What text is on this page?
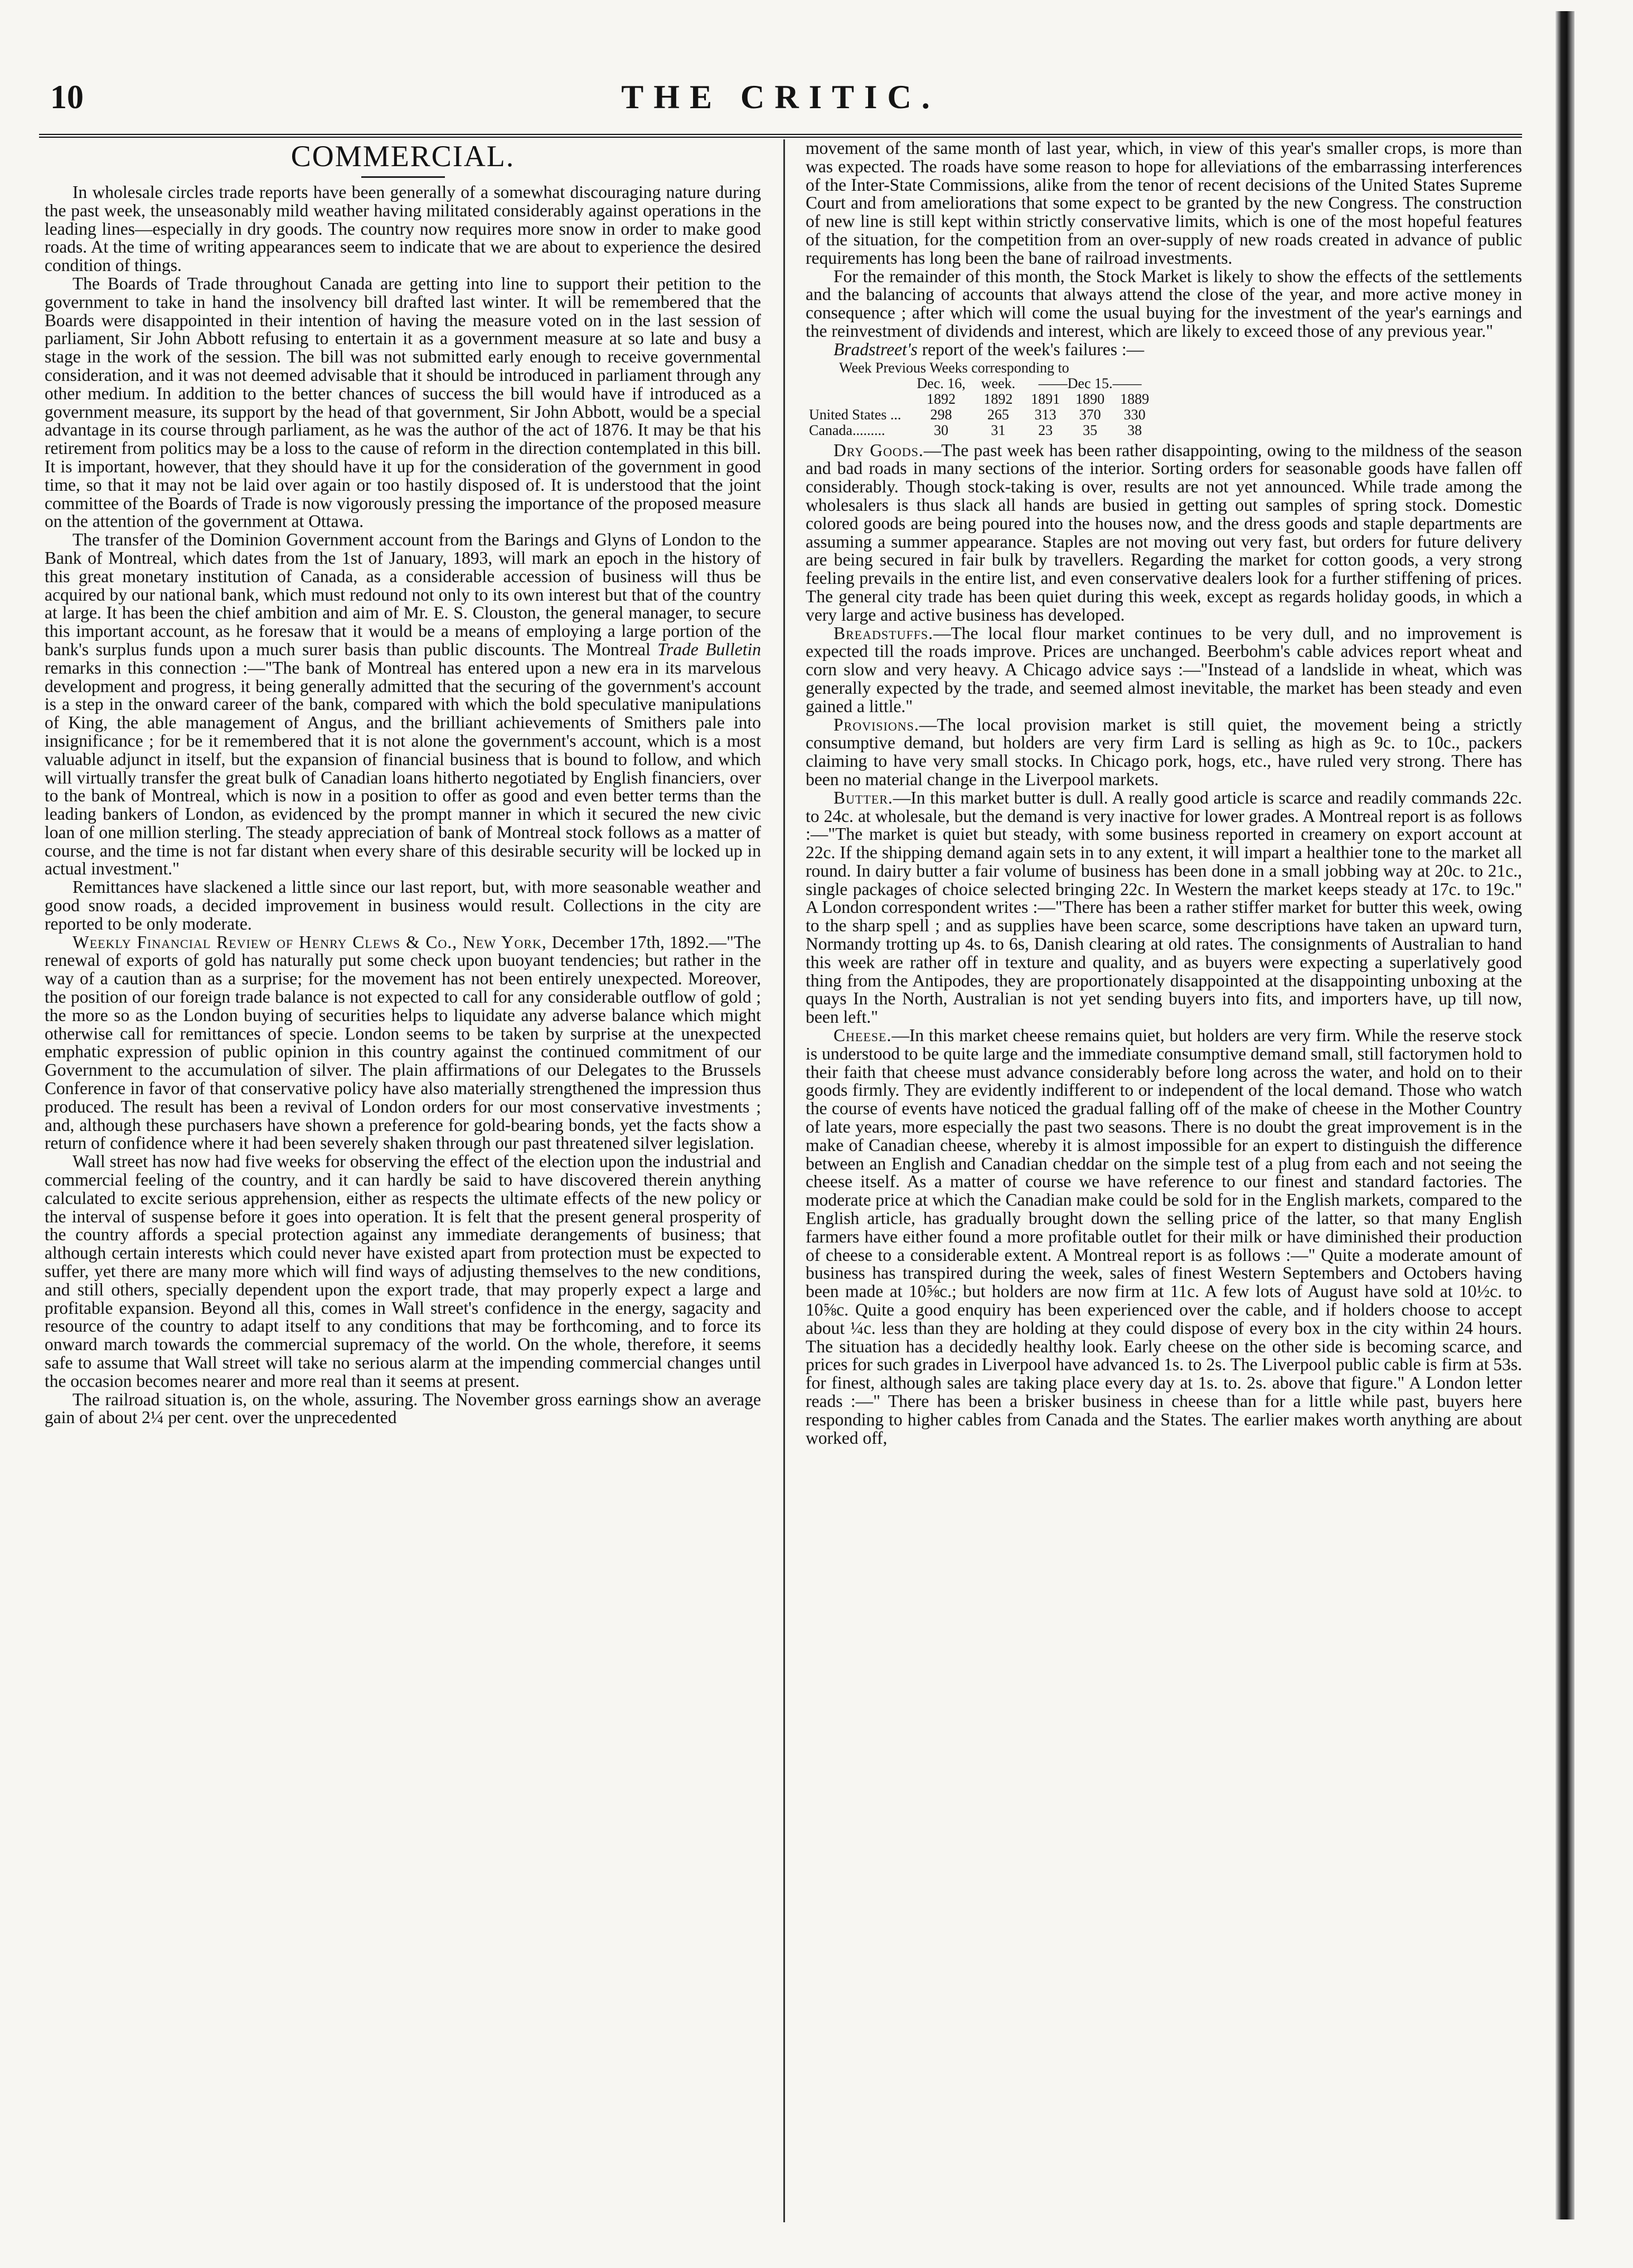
10	THE CRITIC.
COMMERCIAL.

In wholesale circles trade reports have been generally of a somewhat discouraging nature during the past week, the unseasonably mild weather having militated considerably against operations in the leading lines—especially in dry goods. The country now requires more snow in order to make good roads. At the time of writing appearances seem to indicate that we are about to experience the desired condition of things.

The Boards of Trade throughout Canada are getting into line to support their petition to the government to take in hand the insolvency bill drafted last winter. It will be remembered that the Boards were disappointed in their intention of having the measure voted on in the last session of parliament, Sir John Abbott refusing to entertain it as a government measure at so late and busy a stage in the work of the session. The bill was not submitted early enough to receive governmental consideration, and it was not deemed advisable that it should be introduced in parliament through any other medium. In addition to the better chances of success the bill would have if introduced as a government measure, its support by the head of that government, Sir John Abbott, would be a special advantage in its course through parliament, as he was the author of the act of 1876. It may be that his retirement from politics may be a loss to the cause of reform in the direction contemplated in this bill. It is important, however, that they should have it up for the consideration of the government in good time, so that it may not be laid over again or too hastily disposed of. It is understood that the joint committee of the Boards of Trade is now vigorously pressing the importance of the proposed measure on the attention of the government at Ottawa.

The transfer of the Dominion Government account from the Barings and Glyns of London to the Bank of Montreal, which dates from the 1st of January, 1893, will mark an epoch in the history of this great monetary institution of Canada, as a considerable accession of business will thus be acquired by our national bank, which must redound not only to its own interest but that of the country at large. It has been the chief ambition and aim of Mr. E. S. Clouston, the general manager, to secure this important account, as he foresaw that it would be a means of employing a large portion of the bank's surplus funds upon a much surer basis than public discounts. The Montreal Trade Bulletin remarks in this connection :—"The bank of Montreal has entered upon a new era in its marvelous development and progress, it being generally admitted that the securing of the government's account is a step in the onward career of the bank, compared with which the bold speculative manipulations of King, the able management of Angus, and the brilliant achievements of Smithers pale into insignificance ; for be it remembered that it is not alone the government's account, which is a most valuable adjunct in itself, but the expansion of financial business that is bound to follow, and which will virtually transfer the great bulk of Canadian loans hitherto negotiated by English financiers, over to the bank of Montreal, which is now in a position to offer as good and even better terms than the leading bankers of London, as evidenced by the prompt manner in which it secured the new civic loan of one million sterling. The steady appreciation of bank of Montreal stock follows as a matter of course, and the time is not far distant when every share of this desirable security will be locked up in actual investment."

Remittances have slackened a little since our last report, but, with more seasonable weather and good snow roads, a decided improvement in business would result. Collections in the city are reported to be only moderate.

Weekly Financial Review of Henry Clews & Co., New York, December 17th, 1892.—"The renewal of exports of gold has naturally put some check upon buoyant tendencies; but rather in the way of a caution than as a surprise; for the movement has not been entirely unexpected. Moreover, the position of our foreign trade balance is not expected to call for any considerable outflow of gold ; the more so as the London buying of securities helps to liquidate any adverse balance which might otherwise call for remittances of specie. London seems to be taken by surprise at the unexpected emphatic expression of public opinion in this country against the continued commitment of our Government to the accumulation of silver. The plain affirmations of our Delegates to the Brussels Conference in favor of that conservative policy have also materially strengthened the impression thus produced. The result has been a revival of London orders for our most conservative investments ; and, although these purchasers have shown a preference for gold-bearing bonds, yet the facts show a return of confidence where it had been severely shaken through our past threatened silver legislation.

Wall street has now had five weeks for observing the effect of the election upon the industrial and commercial feeling of the country, and it can hardly be said to have discovered therein anything calculated to excite serious apprehension, either as respects the ultimate effects of the new policy or the interval of suspense before it goes into operation. It is felt that the present general prosperity of the country affords a special protection against any immediate derangements of business; that although certain interests which could never have existed apart from protection must be expected to suffer, yet there are many more which will find ways of adjusting themselves to the new conditions, and still others, specially dependent upon the export trade, that may properly expect a large and profitable expansion. Beyond all this, comes in Wall street's confidence in the energy, sagacity and resource of the country to adapt itself to any conditions that may be forthcoming, and to force its onward march towards the commercial supremacy of the world. On the whole, therefore, it seems safe to assume that Wall street will take no serious alarm at the impending commercial changes until the occasion becomes nearer and more real than it seems at present.

The railroad situation is, on the whole, assuring. The November gross earnings show an average gain of about 2¼ per cent. over the unprecedented

movement of the same month of last year, which, in view of this year's smaller crops, is more than was expected. The roads have some reason to hope for alleviations of the embarrassing interferences of the Inter-State Commissions, alike from the tenor of recent decisions of the United States Supreme Court and from ameliorations that some expect to be granted by the new Congress. The construction of new line is still kept within strictly conservative limits, which is one of the most hopeful features of the situation, for the competition from an over-supply of new roads created in advance of public requirements has long been the bane of railroad investments.

For the remainder of this month, the Stock Market is likely to show the effects of the settlements and the balancing of accounts that always attend the close of the year, and more active money in consequence ; after which will come the usual buying for the investment of the year's earnings and the reinvestment of dividends and interest, which are likely to exceed those of any previous year."

Bradstreet's report of the week's failures :—

Week Previous Weeks corresponding to
	Dec. 16,	week.	——Dec 15.——		
	1892	1892	1891	1890	1889
United States ...	298	265	313	370	330
Canada.........	30	31	23	35	38

Dry Goods.—The past week has been rather disappointing, owing to the mildness of the season and bad roads in many sections of the interior. Sorting orders for seasonable goods have fallen off considerably. Though stock-taking is over, results are not yet announced. While trade among the wholesalers is thus slack all hands are busied in getting out samples of spring stock. Domestic colored goods are being poured into the houses now, and the dress goods and staple departments are assuming a summer appearance. Staples are not moving out very fast, but orders for future delivery are being secured in fair bulk by travellers. Regarding the market for cotton goods, a very strong feeling prevails in the entire list, and even conservative dealers look for a further stiffening of prices. The general city trade has been quiet during this week, except as regards holiday goods, in which a very large and active business has developed.

Breadstuffs.—The local flour market continues to be very dull, and no improvement is expected till the roads improve. Prices are unchanged. Beerbohm's cable advices report wheat and corn slow and very heavy. A Chicago advice says :—"Instead of a landslide in wheat, which was generally expected by the trade, and seemed almost inevitable, the market has been steady and even gained a little."

Provisions.—The local provision market is still quiet, the movement being a strictly consumptive demand, but holders are very firm Lard is selling as high as 9c. to 10c., packers claiming to have very small stocks. In Chicago pork, hogs, etc., have ruled very strong. There has been no material change in the Liverpool markets.

Butter.—In this market butter is dull. A really good article is scarce and readily commands 22c. to 24c. at wholesale, but the demand is very inactive for lower grades. A Montreal report is as follows :—"The market is quiet but steady, with some business reported in creamery on export account at 22c. If the shipping demand again sets in to any extent, it will impart a healthier tone to the market all round. In dairy butter a fair volume of business has been done in a small jobbing way at 20c. to 21c., single packages of choice selected bringing 22c. In Western the market keeps steady at 17c. to 19c." A London correspondent writes :—"There has been a rather stiffer market for butter this week, owing to the sharp spell ; and as supplies have been scarce, some descriptions have taken an upward turn, Normandy trotting up 4s. to 6s, Danish clearing at old rates. The consignments of Australian to hand this week are rather off in texture and quality, and as buyers were expecting a superlatively good thing from the Antipodes, they are proportionately disappointed at the disappointing unboxing at the quays In the North, Australian is not yet sending buyers into fits, and importers have, up till now, been left."

Cheese.—In this market cheese remains quiet, but holders are very firm. While the reserve stock is understood to be quite large and the immediate consumptive demand small, still factorymen hold to their faith that cheese must advance considerably before long across the water, and hold on to their goods firmly. They are evidently indifferent to or independent of the local demand. Those who watch the course of events have noticed the gradual falling off of the make of cheese in the Mother Country of late years, more especially the past two seasons. There is no doubt the great improvement is in the make of Canadian cheese, whereby it is almost impossible for an expert to distinguish the difference between an English and Canadian cheddar on the simple test of a plug from each and not seeing the cheese itself. As a matter of course we have reference to our finest and standard factories. The moderate price at which the Canadian make could be sold for in the English markets, compared to the English article, has gradually brought down the selling price of the latter, so that many English farmers have either found a more profitable outlet for their milk or have diminished their production of cheese to a considerable extent. A Montreal report is as follows :—" Quite a moderate amount of business has transpired during the week, sales of finest Western Septembers and Octobers having been made at 10⅝c.; but holders are now firm at 11c. A few lots of August have sold at 10½c. to 10⅝c. Quite a good enquiry has been experienced over the cable, and if holders choose to accept about ¼c. less than they are holding at they could dispose of every box in the city within 24 hours. The situation has a decidedly healthy look. Early cheese on the other side is becoming scarce, and prices for such grades in Liverpool have advanced 1s. to 2s. The Liverpool public cable is firm at 53s. for finest, although sales are taking place every day at 1s. to. 2s. above that figure." A London letter reads :—" There has been a brisker business in cheese than for a little while past, buyers here responding to higher cables from Canada and the States. The earlier makes worth anything are about worked off,
